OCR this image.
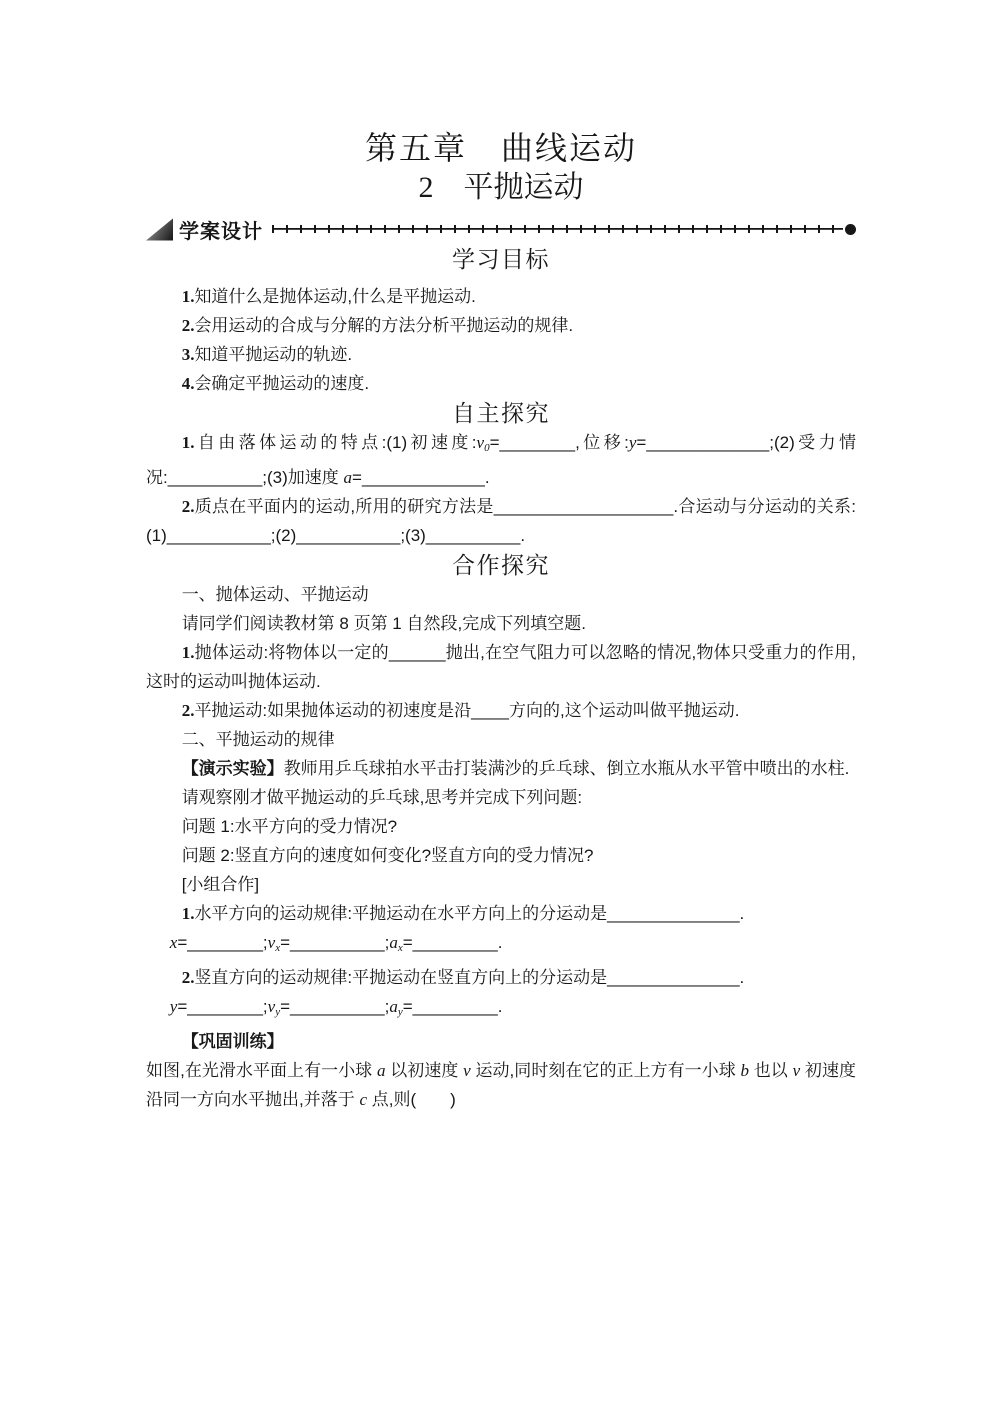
第五章　曲线运动
2　平抛运动
学案设计
学习目标

1.知道什么是抛体运动,什么是平抛运动.

2.会用运动的合成与分解的方法分析平抛运动的规律.

3.知道平抛运动的轨迹.

4.会确定平抛运动的速度.

自主探究

1.自由落体运动的特点:(1)初速度:v0=________,位移:y=_____________;(2)受力情况:__________;(3)加速度 a=_____________.

2.质点在平面内的运动,所用的研究方法是___________________.合运动与分运动的关系:(1)___________;(2)___________;(3)__________.

合作探究

一、抛体运动、平抛运动

请同学们阅读教材第 8 页第 1 自然段,完成下列填空题.

1.抛体运动:将物体以一定的______抛出,在空气阻力可以忽略的情况,物体只受重力的作用,这时的运动叫抛体运动.

2.平抛运动:如果抛体运动的初速度是沿____方向的,这个运动叫做平抛运动.

二、平抛运动的规律

【演示实验】教师用乒乓球拍水平击打装满沙的乒乓球、倒立水瓶从水平管中喷出的水柱.

请观察刚才做平抛运动的乒乓球,思考并完成下列问题:

问题 1:水平方向的受力情况?

问题 2:竖直方向的速度如何变化?竖直方向的受力情况?

[小组合作]

1.水平方向的运动规律:平抛运动在水平方向上的分运动是______________.

x=________;vx=__________;ax=_________.

2.竖直方向的运动规律:平抛运动在竖直方向上的分运动是______________.

y=________;vy=__________;ay=_________.

【巩固训练】

如图,在光滑水平面上有一小球 a 以初速度 v 运动,同时刻在它的正上方有一小球 b 也以 v 初速度沿同一方向水平抛出,并落于 c 点,则(　　)
